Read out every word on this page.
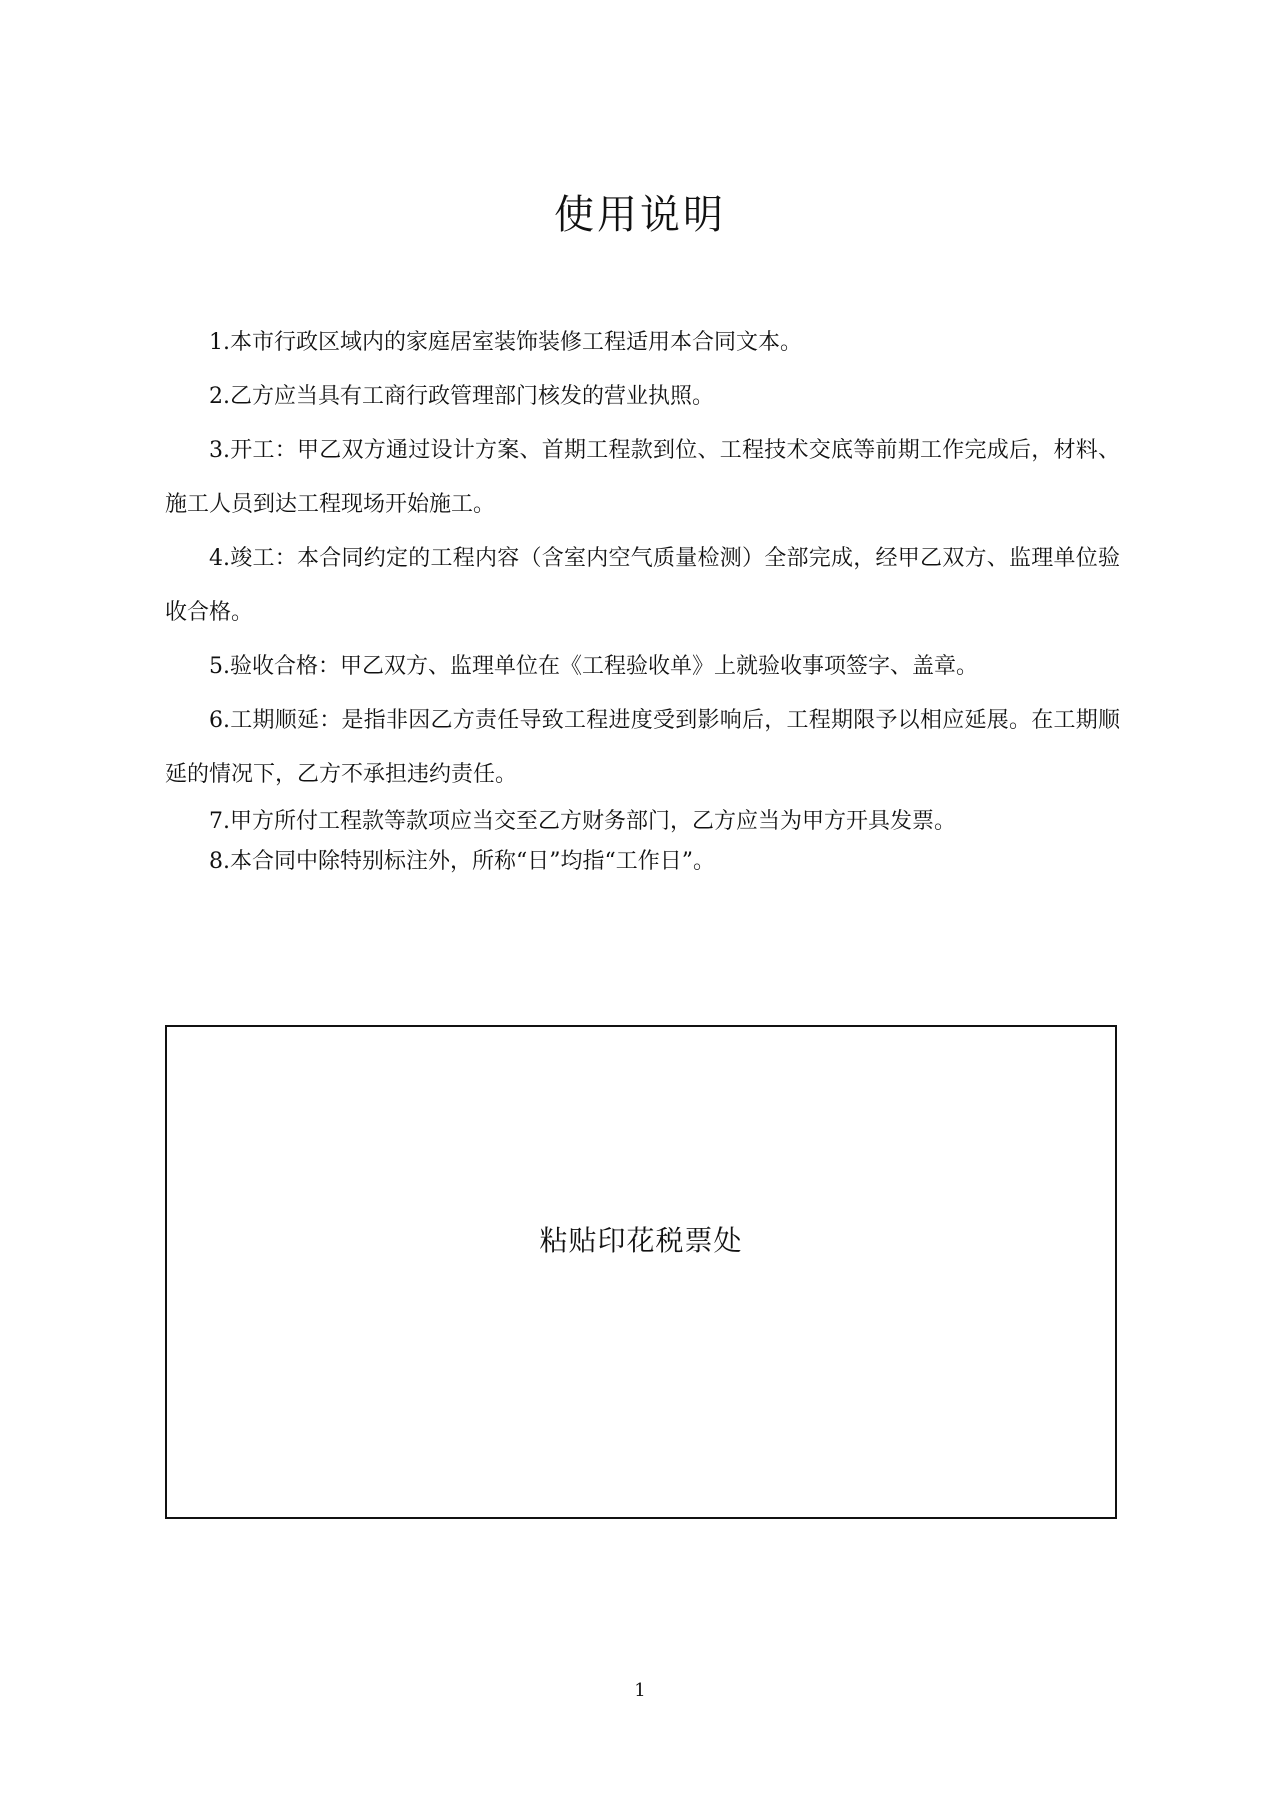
使用说明
1.本市行政区域内的家庭居室装饰装修工程适用本合同文本。
2.乙方应当具有工商行政管理部门核发的营业执照。
3.开工：甲乙双方通过设计方案、首期工程款到位、工程技术交底等前期工作完成后，材料、施工人员到达工程现场开始施工。
4.竣工：本合同约定的工程内容（含室内空气质量检测）全部完成，经甲乙双方、监理单位验收合格。
5.验收合格：甲乙双方、监理单位在《工程验收单》上就验收事项签字、盖章。
6.工期顺延：是指非因乙方责任导致工程进度受到影响后，工程期限予以相应延展。在工期顺延的情况下，乙方不承担违约责任。
7.甲方所付工程款等款项应当交至乙方财务部门，乙方应当为甲方开具发票。
8.本合同中除特别标注外，所称“日”均指“工作日”。
粘贴印花税票处
1
